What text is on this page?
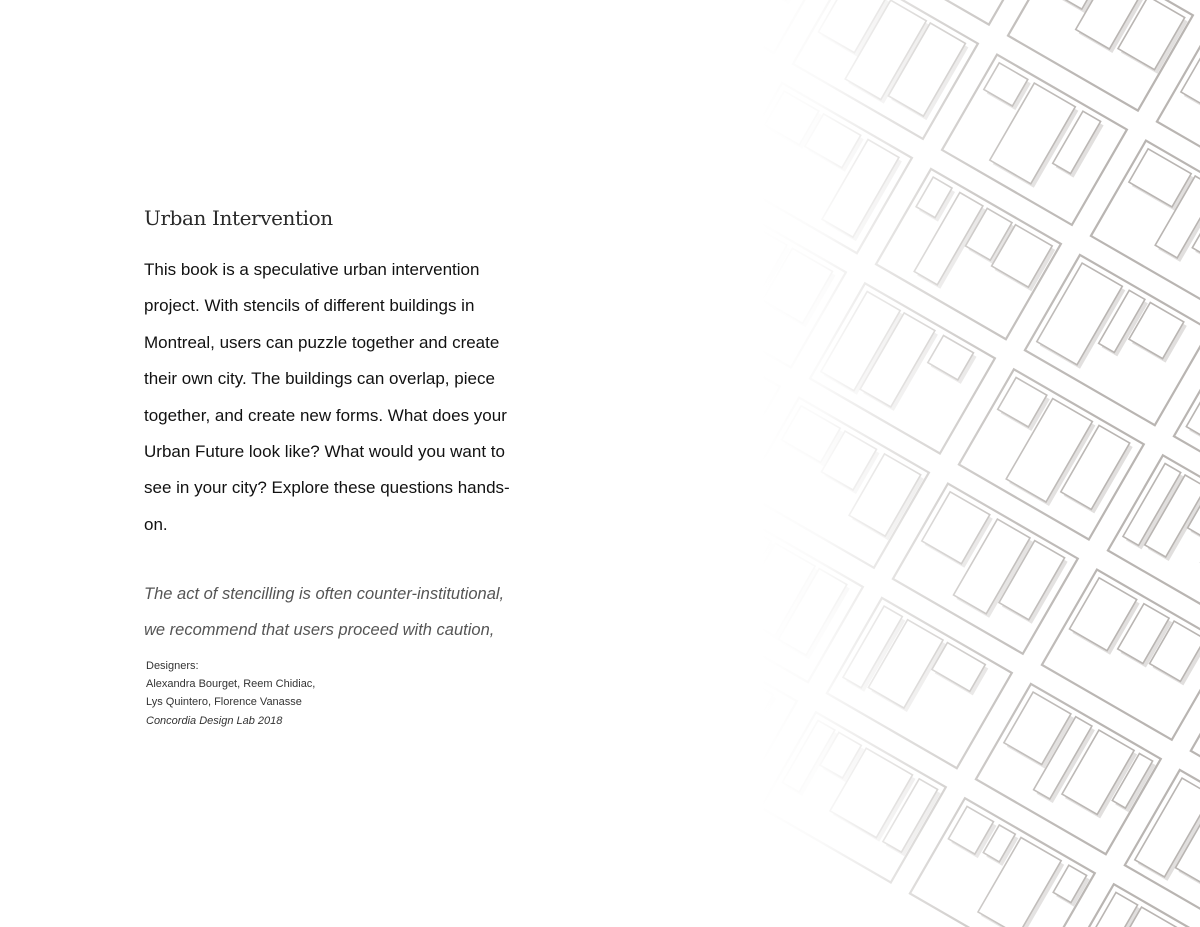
Urban Intervention

This book is a speculative urban intervention
project. With stencils of different buildings in
Montreal, users can puzzle together and create
their own city. The buildings can overlap, piece
together, and create new forms. What does your
Urban Future look like? What would you want to
see in your city? Explore these questions hands-
on.

The act of stencilling is often counter-institutional,
we recommend that users proceed with caution,

Designers:
Alexandra Bourget, Reem Chidiac,
Lys Quintero, Florence Vanasse
Concordia Design Lab 2018
